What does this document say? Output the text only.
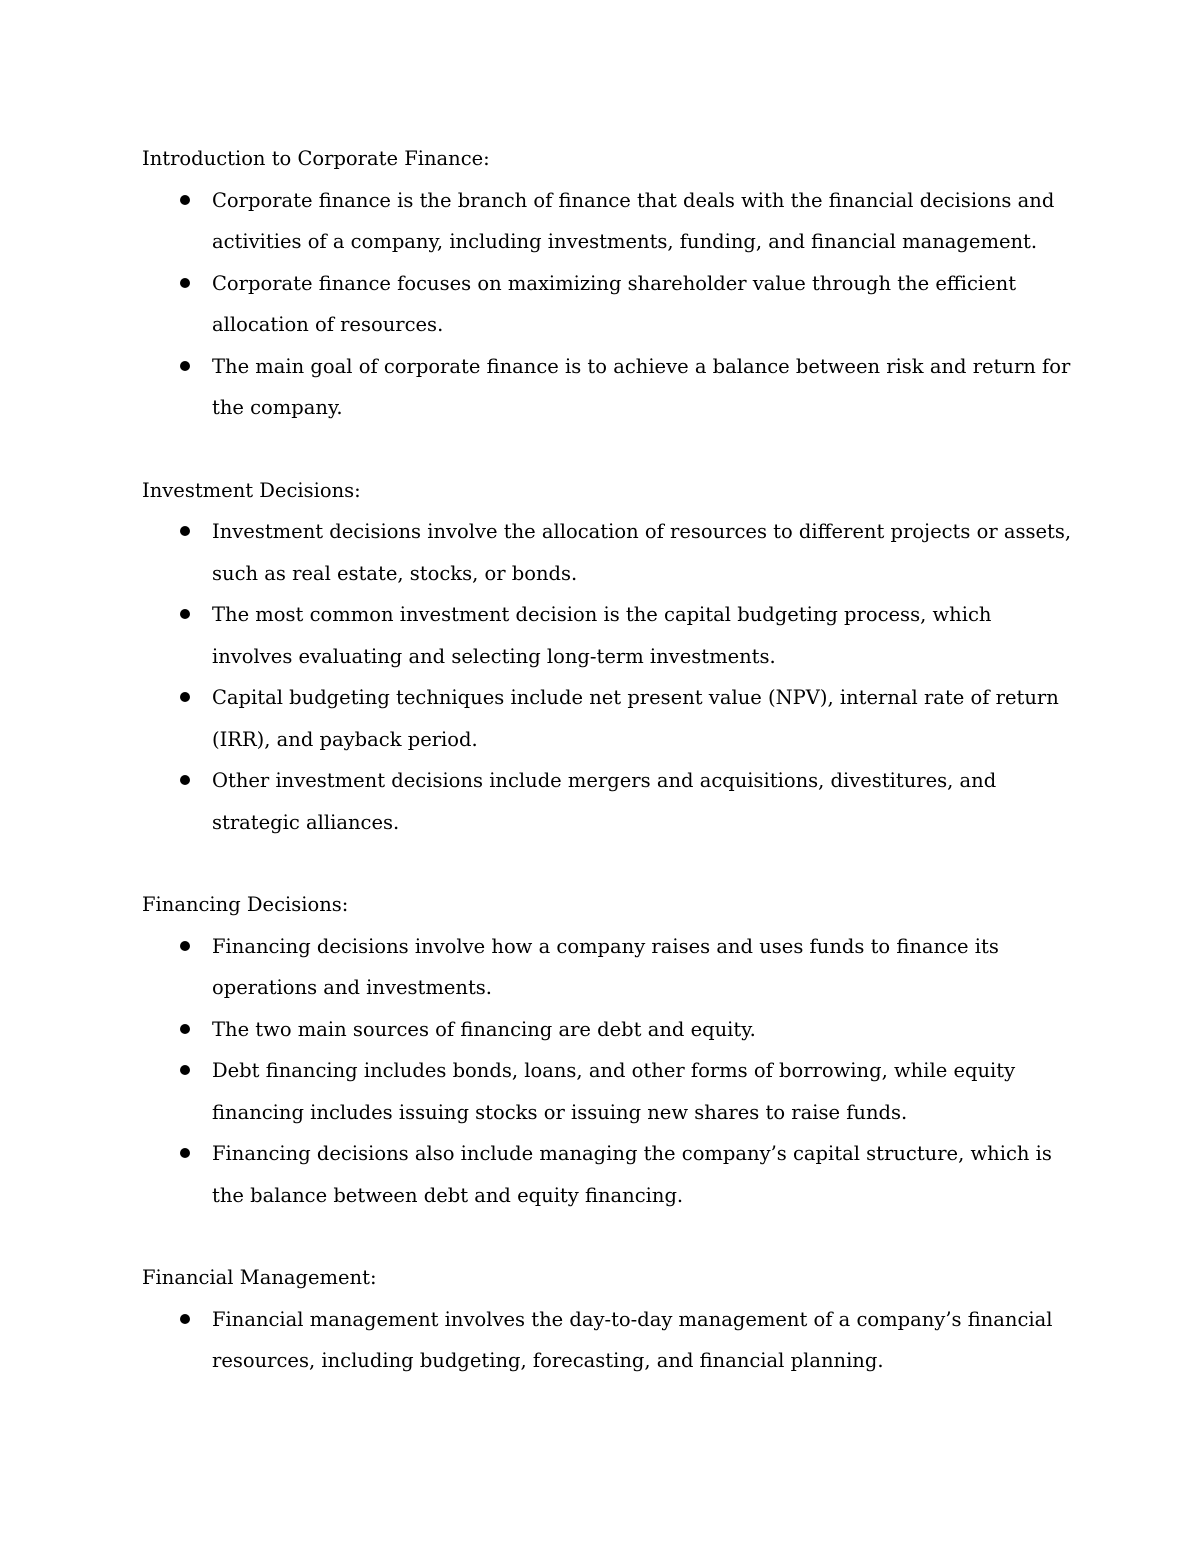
Introduction to Corporate Finance:

Corporate finance is the branch of finance that deals with the financial decisions and activities of a company, including investments, funding, and financial management.
Corporate finance focuses on maximizing shareholder value through the efficient allocation of resources.
The main goal of corporate finance is to achieve a balance between risk and return for the company.

Investment Decisions:

Investment decisions involve the allocation of resources to different projects or assets, such as real estate, stocks, or bonds.
The most common investment decision is the capital budgeting process, which involves evaluating and selecting long-term investments.
Capital budgeting techniques include net present value (NPV), internal rate of return (IRR), and payback period.
Other investment decisions include mergers and acquisitions, divestitures, and strategic alliances.

Financing Decisions:

Financing decisions involve how a company raises and uses funds to finance its operations and investments.
The two main sources of financing are debt and equity.
Debt financing includes bonds, loans, and other forms of borrowing, while equity financing includes issuing stocks or issuing new shares to raise funds.
Financing decisions also include managing the company’s capital structure, which is the balance between debt and equity financing.

Financial Management:

Financial management involves the day-to-day management of a company’s financial resources, including budgeting, forecasting, and financial planning.
